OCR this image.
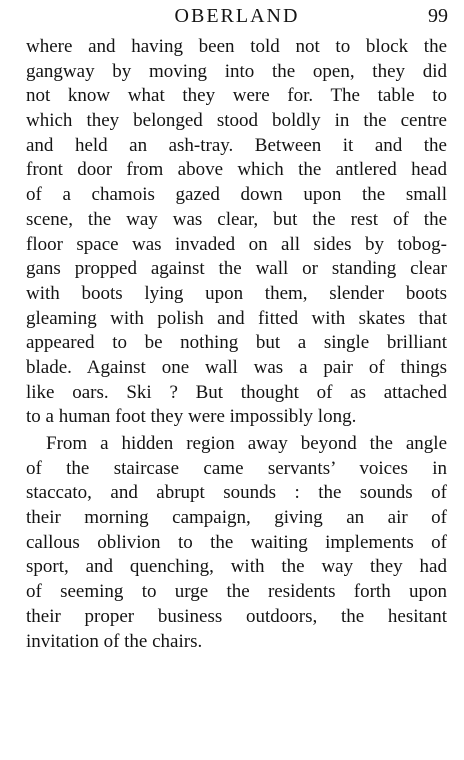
OBERLAND	99
where and having been told not to block the
gangway by moving into the open, they did
not know what they were for. The table to
which they belonged stood boldly in the centre
and held an ash-tray. Between it and the
front door from above which the antlered head
of a chamois gazed down upon the small
scene, the way was clear, but the rest of the
floor space was invaded on all sides by tobog-
gans propped against the wall or standing clear
with boots lying upon them, slender boots
gleaming with polish and fitted with skates that
appeared to be nothing but a single brilliant
blade. Against one wall was a pair of things
like oars. Ski ? But thought of as attached
to a human foot they were impossibly long.
From a hidden region away beyond the angle
of the staircase came servants’ voices in
staccato, and abrupt sounds : the sounds of
their morning campaign, giving an air of
callous oblivion to the waiting implements of
sport, and quenching, with the way they had
of seeming to urge the residents forth upon
their proper business outdoors, the hesitant
invitation of the chairs.
